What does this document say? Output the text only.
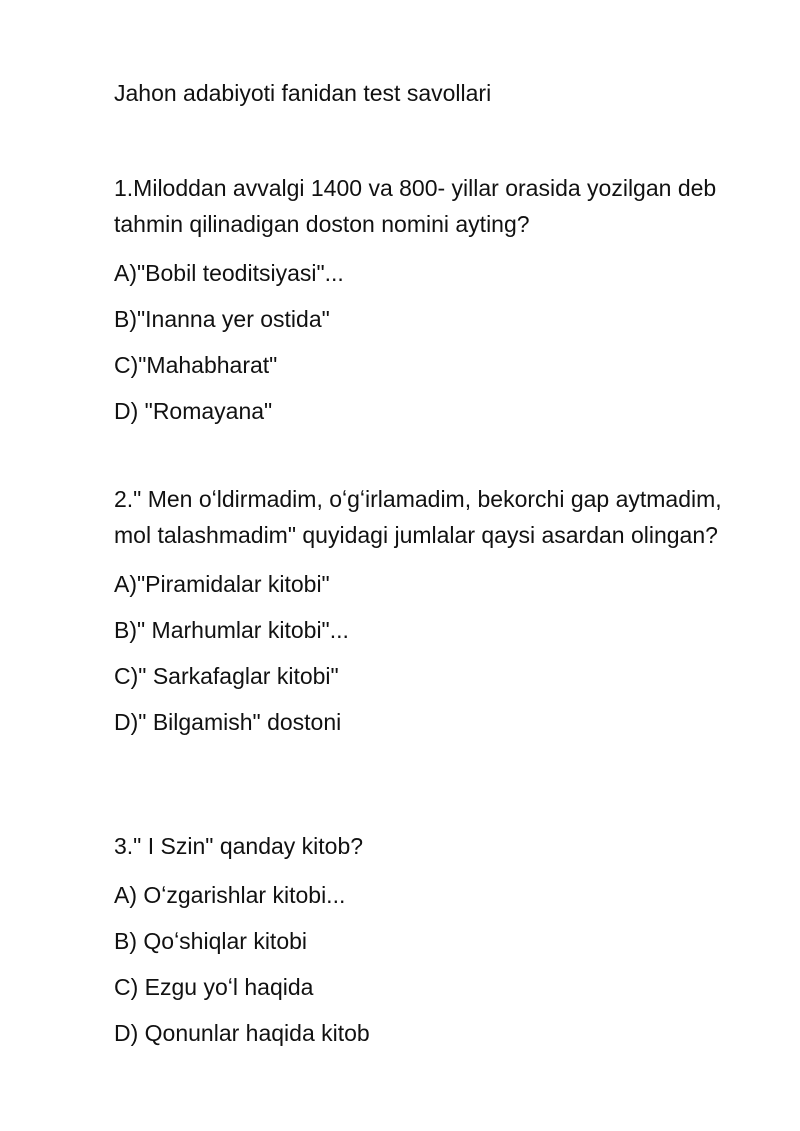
Jahon adabiyoti fanidan test savollari

1.Miloddan avvalgi 1400 va 800- yillar orasida yozilgan deb tahmin qilinadigan doston nomini ayting?

A)"Bobil teoditsiyasi"...
B)"Inanna yer ostida"
C)"Mahabharat"
D) "Romayana"

2." Men oʻldirmadim, oʻgʻirlamadim, bekorchi gap aytmadim, mol talashmadim" quyidagi jumlalar qaysi asardan olingan?

A)"Piramidalar kitobi"
B)" Marhumlar kitobi"...
C)" Sarkafaglar kitobi"
D)" Bilgamish" dostoni

3." I Szin" qanday kitob?

A) Oʻzgarishlar kitobi...
B) Qoʻshiqlar kitobi
C) Ezgu yoʻl haqida
D) Qonunlar haqida kitob
